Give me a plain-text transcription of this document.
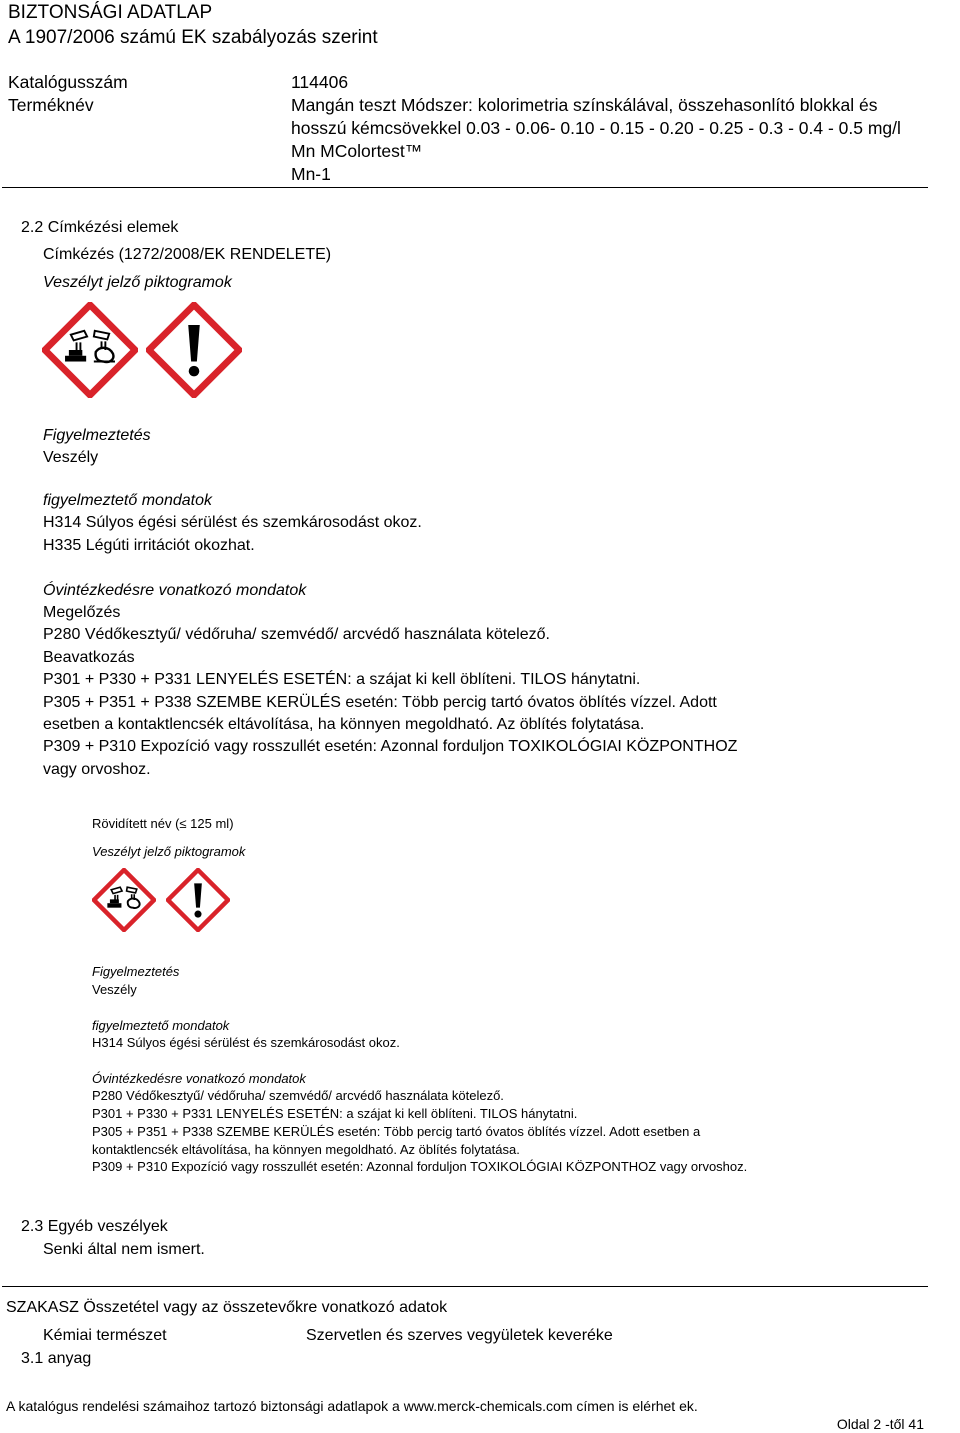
BIZTONSÁGI ADATLAP
A 1907/2006 számú EK szabályozás szerint
Katalógusszám	114406
Terméknév	Mangán teszt Módszer: kolorimetria színskálával, összehasonlító blokkal és
hosszú kémcsövekkel 0.03 - 0.06- 0.10 - 0.15 - 0.20 - 0.25 - 0.3 - 0.4 - 0.5 mg/l
Mn MColortest™
Mn-1
2.2 Címkézési elemek
Címkézés (1272/2008/EK RENDELETE)
Veszélyt jelző piktogramok
Figyelmeztetés
Veszély
figyelmeztető mondatok
H314 Súlyos égési sérülést és szemkárosodást okoz.
H335 Légúti irritációt okozhat.
Óvintézkedésre vonatkozó mondatok
Megelőzés
P280 Védőkesztyű/ védőruha/ szemvédő/ arcvédő használata kötelező.
Beavatkozás
P301 + P330 + P331 LENYELÉS ESETÉN: a szájat ki kell öblíteni. TILOS hánytatni.
P305 + P351 + P338 SZEMBE KERÜLÉS esetén: Több percig tartó óvatos öblítés vízzel. Adott
esetben a kontaktlencsék eltávolítása, ha könnyen megoldható. Az öblítés folytatása.
P309 + P310 Expozíció vagy rosszullét esetén: Azonnal forduljon TOXIKOLÓGIAI KÖZPONTHOZ
vagy orvoshoz.
Rövidített név (≤ 125 ml)
Veszélyt jelző piktogramok
Figyelmeztetés
Veszély
figyelmeztető mondatok
H314 Súlyos égési sérülést és szemkárosodást okoz.
Óvintézkedésre vonatkozó mondatok
P280 Védőkesztyű/ védőruha/ szemvédő/ arcvédő használata kötelező.
P301 + P330 + P331 LENYELÉS ESETÉN: a szájat ki kell öblíteni. TILOS hánytatni.
P305 + P351 + P338 SZEMBE KERÜLÉS esetén: Több percig tartó óvatos öblítés vízzel. Adott esetben a
kontaktlencsék eltávolítása, ha könnyen megoldható. Az öblítés folytatása.
P309 + P310 Expozíció vagy rosszullét esetén: Azonnal forduljon TOXIKOLÓGIAI KÖZPONTHOZ vagy orvoshoz.
2.3 Egyéb veszélyek
Senki által nem ismert.
SZAKASZ Összetétel vagy az összetevőkre vonatkozó adatok
Kémiai természet	Szervetlen és szerves vegyületek keveréke
3.1 anyag
A katalógus rendelési számaihoz tartozó biztonsági adatlapok a www.merck-chemicals.com címen is elérhet ek.
Oldal 2 -től 41
